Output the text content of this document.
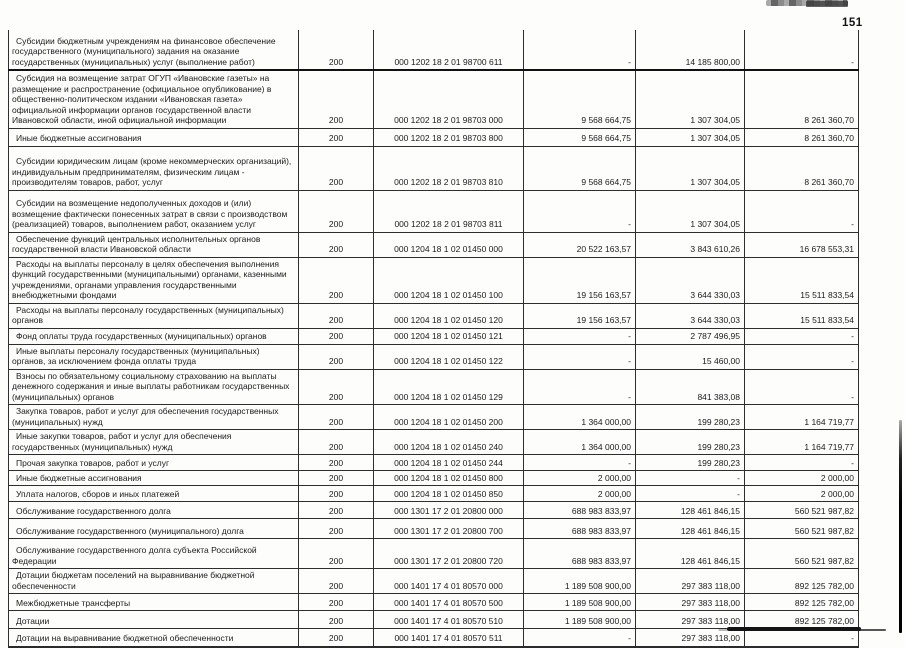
151
Субсидии бюджетным учреждениям на финансовое обеспечение государственного (муниципального) задания на оказание государственных (муниципальных) услуг (выполнение работ)	200	000 1202 18 2 01 98700 611	-	14 185 800,00	-
Субсидия на возмещение затрат ОГУП «Ивановские газеты» на размещение и распространение (официальное опубликование) в общественно-политическом издании «Ивановская газета» официальной информации органов государственной власти Ивановской области, иной официальной информации	200	000 1202 18 2 01 98703 000	9 568 664,75	1 307 304,05	8 261 360,70
Иные бюджетные ассигнования	200	000 1202 18 2 01 98703 800	9 568 664,75	1 307 304,05	8 261 360,70
Субсидии юридическим лицам (кроме некоммерческих организаций), индивидуальным предпринимателям, физическим лицам - производителям товаров, работ, услуг	200	000 1202 18 2 01 98703 810	9 568 664,75	1 307 304,05	8 261 360,70
Субсидии на возмещение недополученных доходов и (или) возмещение фактически понесенных затрат в связи с производством (реализацией) товаров, выполнением работ, оказанием услуг	200	000 1202 18 2 01 98703 811	-	1 307 304,05	-
Обеспечение функций центральных исполнительных органов государственной власти Ивановской области	200	000 1204 18 1 02 01450 000	20 522 163,57	3 843 610,26	16 678 553,31
Расходы на выплаты персоналу в целях обеспечения выполнения функций государственными (муниципальными) органами, казенными учреждениями, органами управления государственными внебюджетными фондами	200	000 1204 18 1 02 01450 100	19 156 163,57	3 644 330,03	15 511 833,54
Расходы на выплаты персоналу государственных (муниципальных) органов	200	000 1204 18 1 02 01450 120	19 156 163,57	3 644 330,03	15 511 833,54
Фонд оплаты труда государственных (муниципальных) органов	200	000 1204 18 1 02 01450 121	-	2 787 496,95	-
Иные выплаты персоналу государственных (муниципальных) органов, за исключением фонда оплаты труда	200	000 1204 18 1 02 01450 122	-	15 460,00	-
Взносы по обязательному социальному страхованию на выплаты денежного содержания и иные выплаты работникам государственных (муниципальных) органов	200	000 1204 18 1 02 01450 129	-	841 383,08	-
Закупка товаров, работ и услуг для обеспечения государственных (муниципальных) нужд	200	000 1204 18 1 02 01450 200	1 364 000,00	199 280,23	1 164 719,77
Иные закупки товаров, работ и услуг для обеспечения государственных (муниципальных) нужд	200	000 1204 18 1 02 01450 240	1 364 000,00	199 280,23	1 164 719,77
Прочая закупка товаров, работ и услуг	200	000 1204 18 1 02 01450 244	-	199 280,23	-
Иные бюджетные ассигнования	200	000 1204 18 1 02 01450 800	2 000,00	-	2 000,00
Уплата налогов, сборов и иных платежей	200	000 1204 18 1 02 01450 850	2 000,00	-	2 000,00
Обслуживание государственного долга	200	000 1301 17 2 01 20800 000	688 983 833,97	128 461 846,15	560 521 987,82
Обслуживание государственного (муниципального) долга	200	000 1301 17 2 01 20800 700	688 983 833,97	128 461 846,15	560 521 987,82
Обслуживание государственного долга субъекта Российской Федерации	200	000 1301 17 2 01 20800 720	688 983 833,97	128 461 846,15	560 521 987,82
Дотации бюджетам поселений на выравнивание бюджетной обеспеченности	200	000 1401 17 4 01 80570 000	1 189 508 900,00	297 383 118,00	892 125 782,00
Межбюджетные трансферты	200	000 1401 17 4 01 80570 500	1 189 508 900,00	297 383 118,00	892 125 782,00
Дотации	200	000 1401 17 4 01 80570 510	1 189 508 900,00	297 383 118,00	892 125 782,00
Дотации на выравнивание бюджетной обеспеченности	200	000 1401 17 4 01 80570 511	-	297 383 118,00	-
